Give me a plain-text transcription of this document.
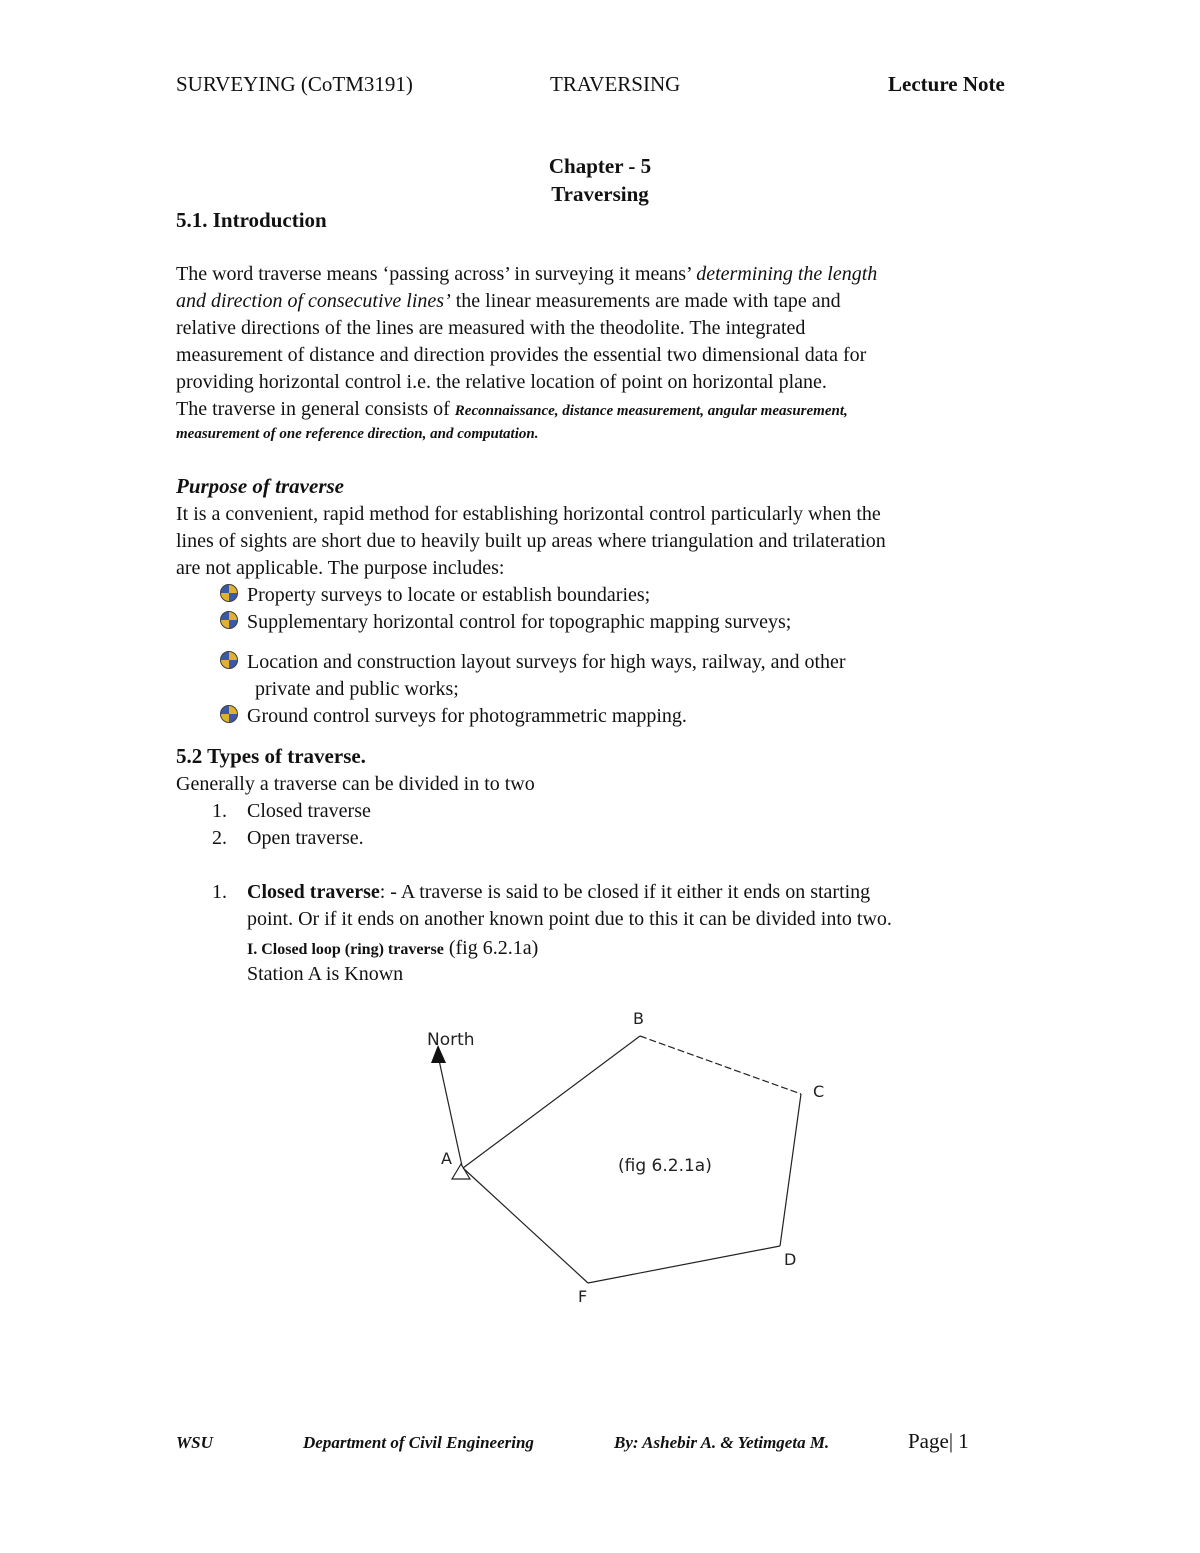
SURVEYING (CoTM3191)	TRAVERSING	Lecture Note
Chapter - 5
Traversing
5.1. Introduction
The word traverse means ‘passing across’ in surveying it means’ determining the length
and direction of consecutive lines’ the linear measurements are made with tape and
relative directions of the lines are measured with the theodolite. The integrated
measurement of distance and direction provides the essential two dimensional data for
providing horizontal control i.e. the relative location of point on horizontal plane.
The traverse in general consists of Reconnaissance, distance measurement, angular measurement,
measurement of one reference direction, and computation.
Purpose of traverse
It is a convenient, rapid method for establishing horizontal control particularly when the
lines of sights are short due to heavily built up areas where triangulation and trilateration
are not applicable. The purpose includes:
Property surveys to locate or establish boundaries;
Supplementary horizontal control for topographic mapping surveys;
Location and construction layout surveys for high ways, railway, and other
private and public works;
Ground control surveys for photogrammetric mapping.
5.2 Types of traverse.
Generally a traverse can be divided in to two
1. Closed traverse
2. Open traverse.
1. Closed traverse: - A traverse is said to be closed if it either it ends on starting
point. Or if it ends on another known point due to this it can be divided into two.
I. Closed loop (ring) traverse (fig 6.2.1a)
Station A is Known
North
A
B
C
D
F
(fig 6.2.1a)
WSU	Department of Civil Engineering	By: Ashebir A. & Yetimgeta M.	Page| 1
